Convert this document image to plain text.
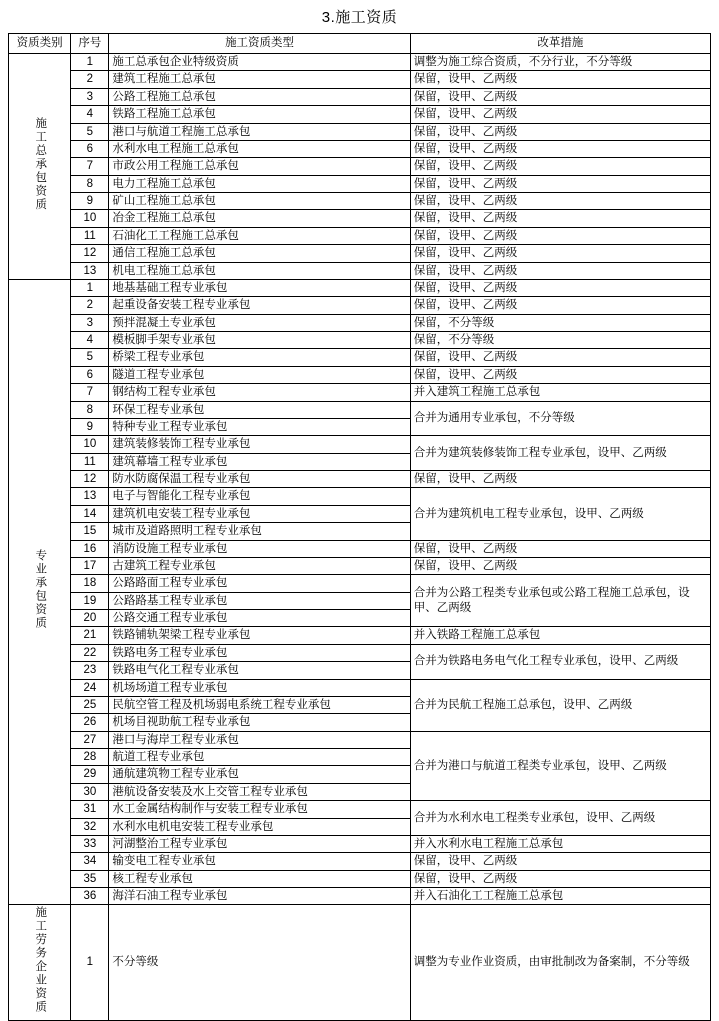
3.施工资质
资质类别	序号	施工资质类型	改革措施
施工总承包资质	1	施工总承包企业特级资质	调整为施工综合资质，不分行业，不分等级
	2	建筑工程施工总承包	保留，设甲、乙两级
	3	公路工程施工总承包	保留，设甲、乙两级
	4	铁路工程施工总承包	保留，设甲、乙两级
	5	港口与航道工程施工总承包	保留，设甲、乙两级
	6	水利水电工程施工总承包	保留，设甲、乙两级
	7	市政公用工程施工总承包	保留，设甲、乙两级
	8	电力工程施工总承包	保留，设甲、乙两级
	9	矿山工程施工总承包	保留，设甲、乙两级
	10	冶金工程施工总承包	保留，设甲、乙两级
	11	石油化工工程施工总承包	保留，设甲、乙两级
	12	通信工程施工总承包	保留，设甲、乙两级
	13	机电工程施工总承包	保留，设甲、乙两级
专业承包资质	1	地基基础工程专业承包	保留，设甲、乙两级
	2	起重设备安装工程专业承包	保留，设甲、乙两级
	3	预拌混凝土专业承包	保留，不分等级
	4	模板脚手架专业承包	保留，不分等级
	5	桥梁工程专业承包	保留，设甲、乙两级
	6	隧道工程专业承包	保留，设甲、乙两级
	7	钢结构工程专业承包	并入建筑工程施工总承包
	8	环保工程专业承包	合并为通用专业承包，不分等级
	9	特种专业工程专业承包	
	10	建筑装修装饰工程专业承包	合并为建筑装修装饰工程专业承包，设甲、乙两级
	11	建筑幕墙工程专业承包	
	12	防水防腐保温工程专业承包	保留，设甲、乙两级
	13	电子与智能化工程专业承包	合并为建筑机电工程专业承包，设甲、乙两级
	14	建筑机电安装工程专业承包	
	15	城市及道路照明工程专业承包	
	16	消防设施工程专业承包	保留，设甲、乙两级
	17	古建筑工程专业承包	保留，设甲、乙两级
	18	公路路面工程专业承包	合并为公路工程类专业承包或公路工程施工总承包，设甲、乙两级
	19	公路路基工程专业承包	
	20	公路交通工程专业承包	
	21	铁路铺轨架梁工程专业承包	并入铁路工程施工总承包
	22	铁路电务工程专业承包	合并为铁路电务电气化工程专业承包，设甲、乙两级
	23	铁路电气化工程专业承包	
	24	机场场道工程专业承包	合并为民航工程施工总承包，设甲、乙两级
	25	民航空管工程及机场弱电系统工程专业承包	
	26	机场目视助航工程专业承包	
	27	港口与海岸工程专业承包	合并为港口与航道工程类专业承包，设甲、乙两级
	28	航道工程专业承包	
	29	通航建筑物工程专业承包	
	30	港航设备安装及水上交管工程专业承包	
	31	水工金属结构制作与安装工程专业承包	合并为水利水电工程类专业承包，设甲、乙两级
	32	水利水电机电安装工程专业承包	
	33	河湖整治工程专业承包	并入水利水电工程施工总承包
	34	输变电工程专业承包	保留，设甲、乙两级
	35	核工程专业承包	保留，设甲、乙两级
	36	海洋石油工程专业承包	并入石油化工工程施工总承包
施工劳务企业资质	1	不分等级	调整为专业作业资质，由审批制改为备案制，不分等级
